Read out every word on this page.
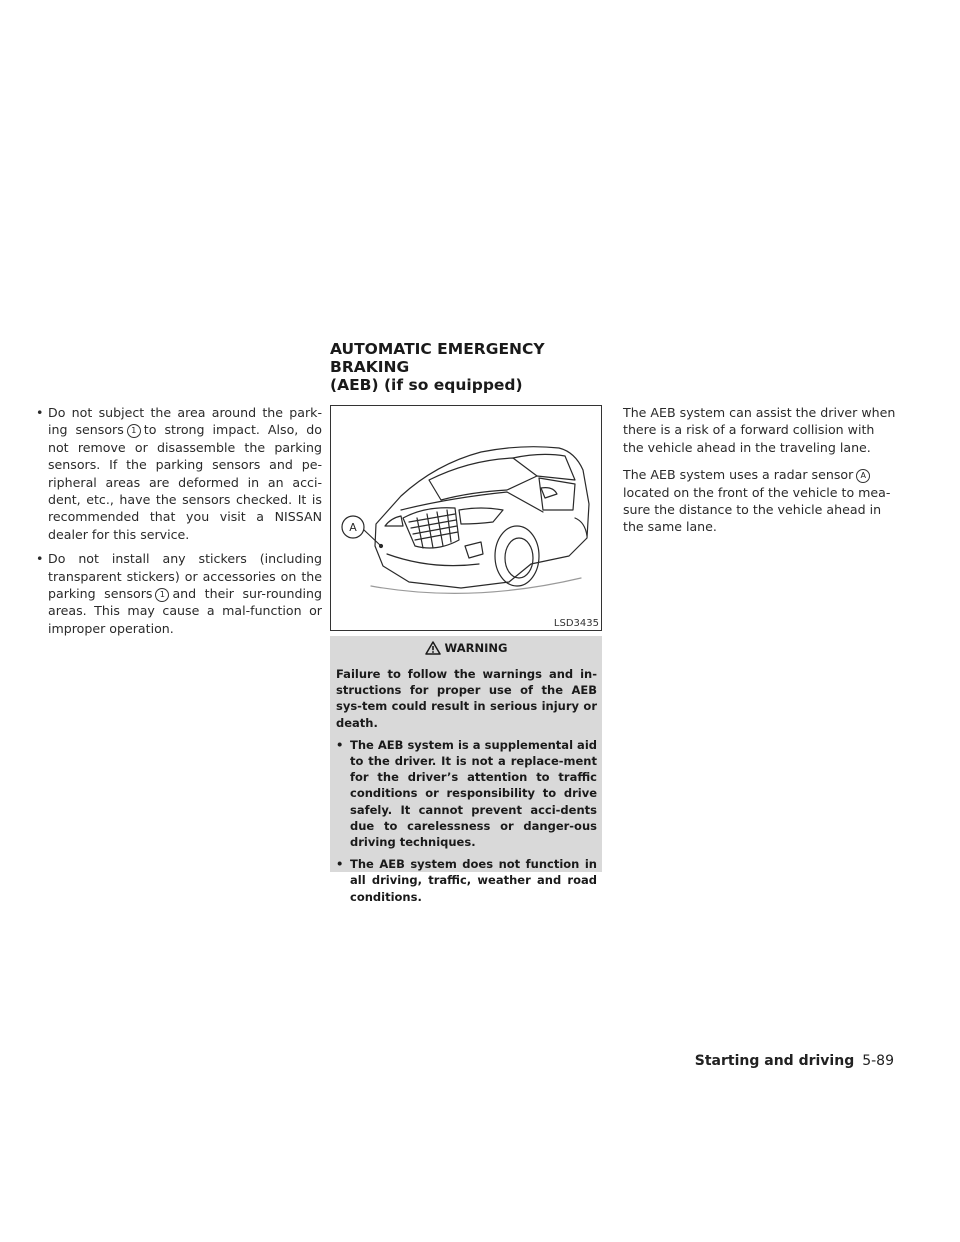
• Do not subject the area around the park-ing sensors 1 to strong impact. Also, do not remove or disassemble the parking sensors. If the parking sensors and pe-ripheral areas are deformed in an acci-dent, etc., have the sensors checked. It is recommended that you visit a NISSAN dealer for this service.

• Do not install any stickers (including transparent stickers) or accessories on the parking sensors 1 and their sur-rounding areas. This may cause a mal-function or improper operation.

AUTOMATIC EMERGENCY BRAKING

(AEB) (if so equipped)

A
LSD3435
WARNING

Failure to follow the warnings and in-structions for proper use of the AEB sys-tem could result in serious injury or death.

• The AEB system is a supplemental aid to the driver. It is not a replace-ment for the driver’s attention to traffic conditions or responsibility to drive safely. It cannot prevent acci-dents due to carelessness or danger-ous driving techniques.

• The AEB system does not function in all driving, traffic, weather and road conditions.

The AEB system can assist the driver when there is a risk of a forward collision with the vehicle ahead in the traveling lane.

The AEB system uses a radar sensor Alocated on the front of the vehicle to mea-sure the distance to the vehicle ahead in the same lane.

Starting and driving 5-89
